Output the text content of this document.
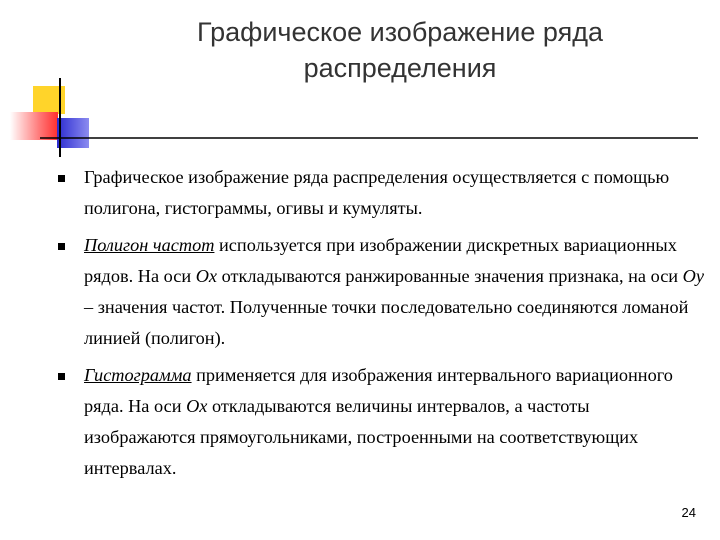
Графическое изображение ряда
распределения
Графическое изображение ряда распределения осуществляется с помощью полигона, гистограммы, огивы и кумуляты.
Полигон частот используется при изображении дискретных вариационных рядов. На оси Ox откладываются ранжированные значения признака, на оси Oy – значения частот. Полученные точки последовательно соединяются ломаной линией (полигон).
Гистограмма применяется для изображения интервального вариационного ряда. На оси Ox откладываются величины интервалов, а частоты изображаются прямоугольниками, построенными на соответствующих интервалах.
24
